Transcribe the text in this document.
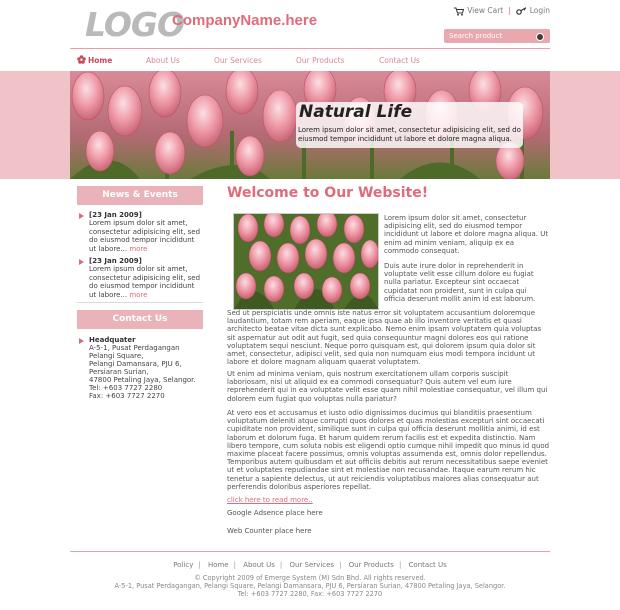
LOGO
CompanyName.here
View Cart |	Login
Search product
Home	About Us	Our Services	Our Products	Contact Us
Natural Life
Lorem ipsum dolor sit amet, consectetur adipisicing elit, sed do eiusmod tempor incididunt ut labore et dolore magna aliqua.
News & Events
[23 Jan 2009]
Lorem ipsum dolor sit amet, consectetur adipisicing elit, sed do eiusmod tempor incididunt ut labore... more
[23 Jan 2009]
Lorem ipsum dolor sit amet, consectetur adipisicing elit, sed do eiusmod tempor incididunt ut labore... more
Contact Us
Headquater
A-5-1, Pusat Perdagangan
Pelangi Square,
Pelangi Damansara, PJU 6,
Persiaran Surian,
47800 Petaling Jaya, Selangor.
Tel: +603 7727 2280
Fax: +603 7727 2270
Welcome to Our Website!
Lorem ipsum dolor sit amet, consectetur adipisicing elit, sed do eiusmod tempor incididunt ut labore et dolore magna aliqua. Ut enim ad minim veniam, aliquip ex ea commodo consequat.
Duis aute irure dolor in reprehenderit in voluptate velit esse cillum dolore eu fugiat nulla pariatur. Excepteur sint occaecat cupidatat non proident, sunt in culpa qui officia deserunt mollit anim id est laborum.
Sed ut perspiciatis unde omnis iste natus error sit voluptatem accusantium doloremque laudantium, totam rem aperiam, eaque ipsa quae ab illo inventore veritatis et quasi architecto beatae vitae dicta sunt explicabo. Nemo enim ipsam voluptatem quia voluptas sit aspernatur aut odit aut fugit, sed quia consequuntur magni dolores eos qui ratione voluptatem sequi nesciunt. Neque porro quisquam est, qui dolorem ipsum quia dolor sit amet, consectetur, adipisci velit, sed quia non numquam eius modi tempora incidunt ut labore et dolore magnam aliquam quaerat voluptatem.
Ut enim ad minima veniam, quis nostrum exercitationem ullam corporis suscipit laboriosam, nisi ut aliquid ex ea commodi consequatur? Quis autem vel eum iure reprehenderit qui in ea voluptate velit esse quam nihil molestiae consequatur, vel illum qui dolorem eum fugiat quo voluptas nulla pariatur?
At vero eos et accusamus et iusto odio dignissimos ducimus qui blanditiis praesentium voluptatum deleniti atque corrupti quos dolores et quas molestias excepturi sint occaecati cupiditate non provident, similique sunt in culpa qui officia deserunt mollitia animi, id est laborum et dolorum fuga. Et harum quidem rerum facilis est et expedita distinctio. Nam libero tempore, cum soluta nobis est eligendi optio cumque nihil impedit quo minus id quod maxime placeat facere possimus, omnis voluptas assumenda est, omnis dolor repellendus. Temporibus autem quibusdam et aut officiis debitis aut rerum necessitatibus saepe eveniet ut et voluptates repudiandae sint et molestiae non recusandae. Itaque earum rerum hic tenetur a sapiente delectus, ut aut reiciendis voluptatibus maiores alias consequatur aut perferendis doloribus asperiores repellat.
click here to read more..
Google Adsence place here
Web Counter place here
Policy | Home | About Us | Our Services | Our Products | Contact Us
© Copyright 2009 of Emerge System (M) Sdn Bhd. All rights reserved.
A-5-1, Pusat Perdagangan, Pelangi Square, Pelangi Damansara, PJU 6, Persiaran Surian, 47800 Petaling Jaya, Selangor.
Tel: +603 7727 2280, Fax: +603 7727 2270
